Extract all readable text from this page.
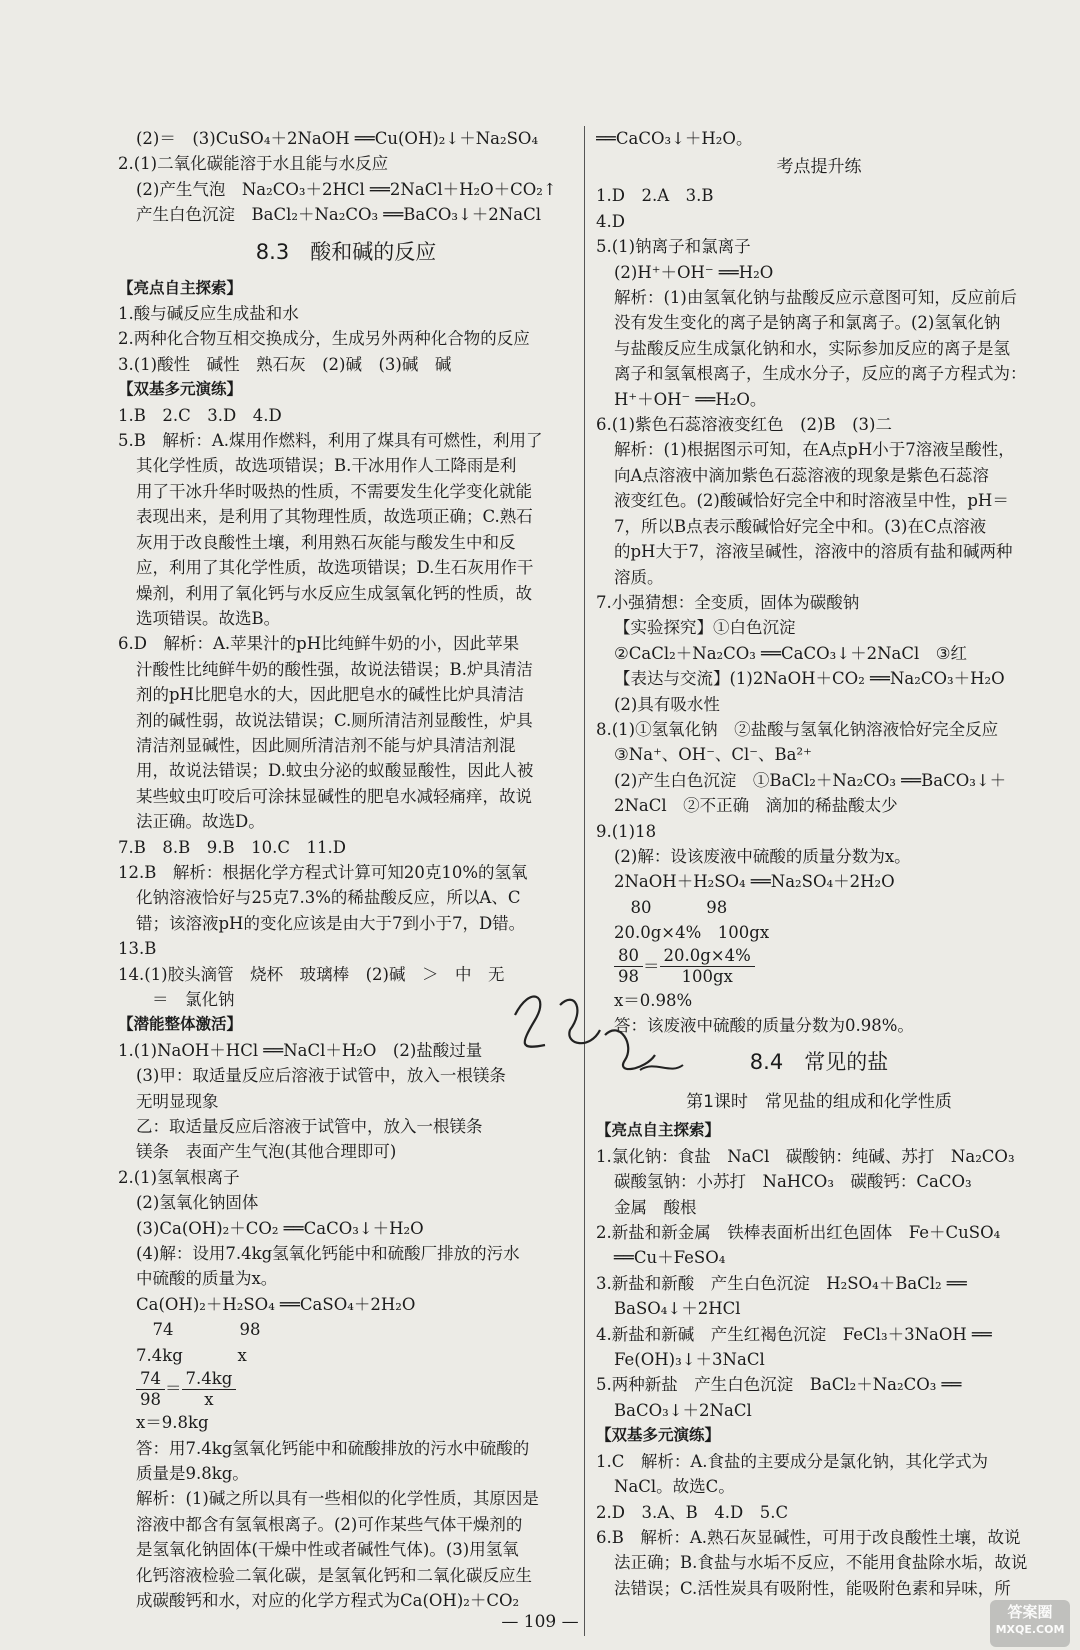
(2)＝　(3)CuSO₄＋2NaOH ══Cu(OH)₂↓＋Na₂SO₄
2.(1)二氧化碳能溶于水且能与水反应
(2)产生气泡　Na₂CO₃＋2HCl ══2NaCl＋H₂O＋CO₂↑
产生白色沉淀　BaCl₂＋Na₂CO₃ ══BaCO₃↓＋2NaCl
8.3　酸和碱的反应
【亮点自主探索】
1.酸与碱反应生成盐和水
2.两种化合物互相交换成分，生成另外两种化合物的反应
3.(1)酸性　碱性　熟石灰　(2)碱　(3)碱　碱
【双基多元演练】
1.B　2.C　3.D　4.D
5.B　解析：A.煤用作燃料，利用了煤具有可燃性，利用了
其化学性质，故选项错误；B.干冰用作人工降雨是利
用了干冰升华时吸热的性质，不需要发生化学变化就能
表现出来，是利用了其物理性质，故选项正确；C.熟石
灰用于改良酸性土壤，利用熟石灰能与酸发生中和反
应，利用了其化学性质，故选项错误；D.生石灰用作干
燥剂，利用了氧化钙与水反应生成氢氧化钙的性质，故
选项错误。故选B。
6.D　解析：A.苹果汁的pH比纯鲜牛奶的小，因此苹果
汁酸性比纯鲜牛奶的酸性强，故说法错误；B.炉具清洁
剂的pH比肥皂水的大，因此肥皂水的碱性比炉具清洁
剂的碱性弱，故说法错误；C.厕所清洁剂显酸性，炉具
清洁剂显碱性，因此厕所清洁剂不能与炉具清洁剂混
用，故说法错误；D.蚊虫分泌的蚁酸显酸性，因此人被
某些蚊虫叮咬后可涂抹显碱性的肥皂水减轻痛痒，故说
法正确。故选D。
7.B　8.B　9.B　10.C　11.D
12.B　解析：根据化学方程式计算可知20克10%的氢氧
化钠溶液恰好与25克7.3%的稀盐酸反应，所以A、C
错；该溶液pH的变化应该是由大于7到小于7，D错。
13.B
14.(1)胶头滴管　烧杯　玻璃棒　(2)碱　＞　中　无
＝　氯化钠
【潜能整体激活】
1.(1)NaOH＋HCl ══NaCl＋H₂O　(2)盐酸过量
(3)甲：取适量反应后溶液于试管中，放入一根镁条
无明显现象
乙：取适量反应后溶液于试管中，放入一根镁条
镁条　表面产生气泡(其他合理即可)
2.(1)氢氧根离子
(2)氢氧化钠固体
(3)Ca(OH)₂＋CO₂ ══CaCO₃↓＋H₂O
(4)解：设用7.4kg氢氧化钙能中和硫酸厂排放的污水
中硫酸的质量为x。
Ca(OH)₂＋H₂SO₄ ══CaSO₄＋2H₂O
　74　　　　98
7.4kg　　　 x
$\frac{74}{98} = \frac{7.4kg}{x}$
x＝9.8kg
答：用7.4kg氢氧化钙能中和硫酸排放的污水中硫酸的
质量是9.8kg。
解析：(1)碱之所以具有一些相似的化学性质，其原因是
溶液中都含有氢氧根离子。(2)可作某些气体干燥剂的
是氢氧化钠固体(干燥中性或者碱性气体)。(3)用氢氧
化钙溶液检验二氧化碳，是氢氧化钙和二氧化碳反应生
成碳酸钙和水，对应的化学方程式为Ca(OH)₂＋CO₂
══CaCO₃↓＋H₂O。
考点提升练
1.D　2.A　3.B
4.D
5.(1)钠离子和氯离子
(2)H⁺＋OH⁻ ══H₂O
解析：(1)由氢氧化钠与盐酸反应示意图可知，反应前后
没有发生变化的离子是钠离子和氯离子。(2)氢氧化钠
与盐酸反应生成氯化钠和水，实际参加反应的离子是氢
离子和氢氧根离子，生成水分子，反应的离子方程式为：
H⁺＋OH⁻ ══H₂O。
6.(1)紫色石蕊溶液变红色　(2)B　(3)二
解析：(1)根据图示可知，在A点pH小于7溶液呈酸性，
向A点溶液中滴加紫色石蕊溶液的现象是紫色石蕊溶
液变红色。(2)酸碱恰好完全中和时溶液呈中性，pH＝
7，所以B点表示酸碱恰好完全中和。(3)在C点溶液
的pH大于7，溶液呈碱性，溶液中的溶质有盐和碱两种
溶质。
7.小强猜想：全变质，固体为碳酸钠
【实验探究】①白色沉淀
②CaCl₂＋Na₂CO₃ ══CaCO₃↓＋2NaCl　③红
【表达与交流】(1)2NaOH＋CO₂ ══Na₂CO₃＋H₂O
(2)具有吸水性
8.(1)①氢氧化钠　②盐酸与氢氧化钠溶液恰好完全反应
③Na⁺、OH⁻、Cl⁻、Ba²⁺
(2)产生白色沉淀　①BaCl₂＋Na₂CO₃ ══BaCO₃↓＋
2NaCl　②不正确　滴加的稀盐酸太少
9.(1)18
(2)解：设该废液中硫酸的质量分数为x。
2NaOH＋H₂SO₄ ══Na₂SO₄＋2H₂O
　80　　　 98
20.0g×4%　100gx
$\frac{80}{98} = \frac{20.0g\times 4\%}{100gx}$
x＝0.98%
答：该废液中硫酸的质量分数为0.98%。
8.4　常见的盐
第1课时　常见盐的组成和化学性质
【亮点自主探索】
1.氯化钠：食盐　NaCl　碳酸钠：纯碱、苏打　Na₂CO₃
碳酸氢钠：小苏打　NaHCO₃　碳酸钙：CaCO₃
金属　酸根
2.新盐和新金属　铁棒表面析出红色固体　Fe＋CuSO₄
══Cu＋FeSO₄
3.新盐和新酸　产生白色沉淀　H₂SO₄＋BaCl₂ ══
BaSO₄↓＋2HCl
4.新盐和新碱　产生红褐色沉淀　FeCl₃＋3NaOH ══
Fe(OH)₃↓＋3NaCl
5.两种新盐　产生白色沉淀　BaCl₂＋Na₂CO₃ ══
BaCO₃↓＋2NaCl
【双基多元演练】
1.C　解析：A.食盐的主要成分是氯化钠，其化学式为
NaCl。故选C。
2.D　3.A、B　4.D　5.C
6.B　解析：A.熟石灰显碱性，可用于改良酸性土壤，故说
法正确；B.食盐与水垢不反应，不能用食盐除水垢，故说
法错误；C.活性炭具有吸附性，能吸附色素和异味，所
— 109 —	答案圈
MXQE.COM
